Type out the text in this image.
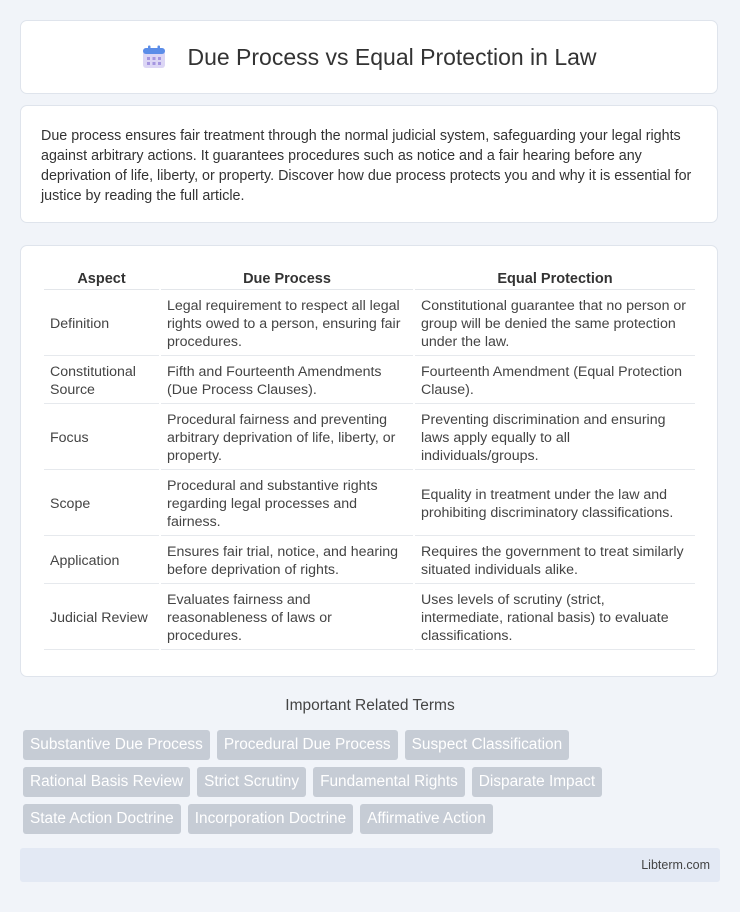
Due Process vs Equal Protection in Law

Due process ensures fair treatment through the normal judicial system, safeguarding your legal rights against arbitrary actions. It guarantees procedures such as notice and a fair hearing before any deprivation of life, liberty, or property. Discover how due process protects you and why it is essential for justice by reading the full article.

Aspect	Due Process	Equal Protection
Definition	Legal requirement to respect all legal rights owed to a person, ensuring fair procedures.	Constitutional guarantee that no person or group will be denied the same protection under the law.
Constitutional Source	Fifth and Fourteenth Amendments (Due Process Clauses).	Fourteenth Amendment (Equal Protection Clause).
Focus	Procedural fairness and preventing arbitrary deprivation of life, liberty, or property.	Preventing discrimination and ensuring laws apply equally to all individuals/groups.
Scope	Procedural and substantive rights regarding legal processes and fairness.	Equality in treatment under the law and prohibiting discriminatory classifications.
Application	Ensures fair trial, notice, and hearing before deprivation of rights.	Requires the government to treat similarly situated individuals alike.
Judicial Review	Evaluates fairness and reasonableness of laws or procedures.	Uses levels of scrutiny (strict, intermediate, rational basis) to evaluate classifications.
Important Related Terms
Substantive Due Process	Procedural Due Process	Suspect Classification
Rational Basis Review	Strict Scrutiny	Fundamental Rights	Disparate Impact
State Action Doctrine	Incorporation Doctrine	Affirmative Action
Libterm.com
